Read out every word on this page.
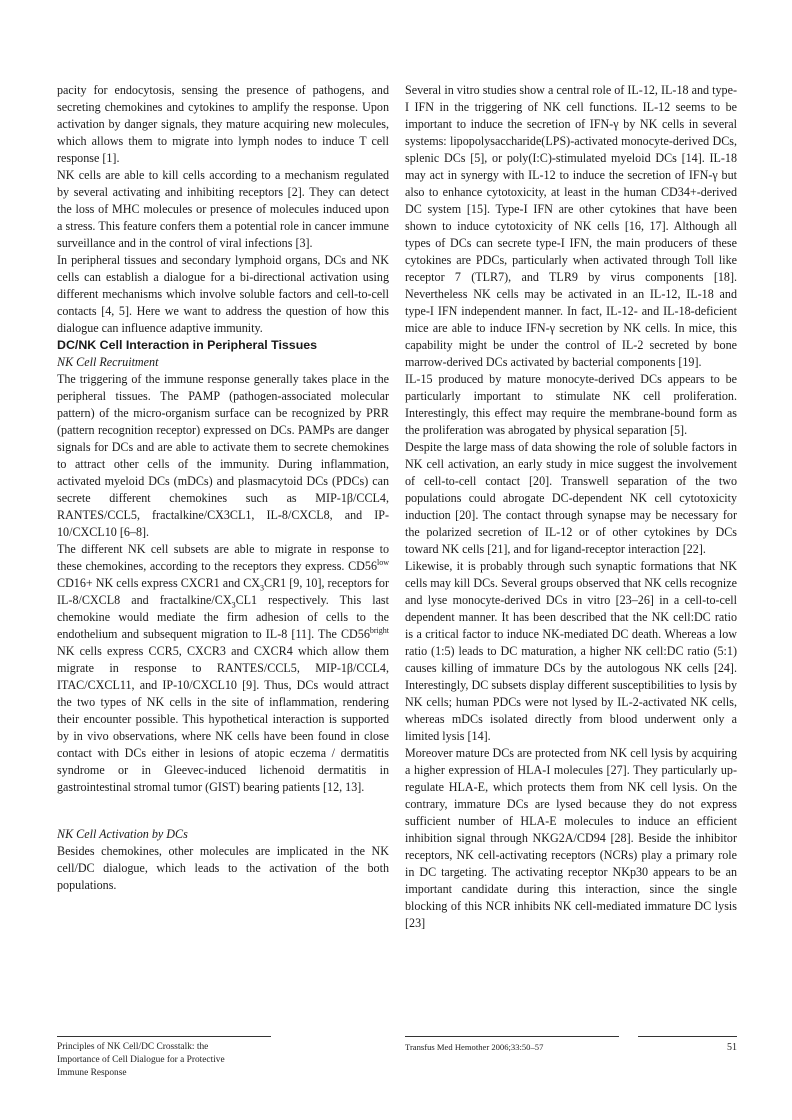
pacity for endocytosis, sensing the presence of pathogens, and secreting chemokines and cytokines to amplify the response. Upon activation by danger signals, they mature acquiring new molecules, which allows them to migrate into lymph nodes to induce T cell response [1].

NK cells are able to kill cells according to a mechanism regulated by several activating and inhibiting receptors [2]. They can detect the loss of MHC molecules or presence of molecules induced upon a stress. This feature confers them a potential role in cancer immune surveillance and in the control of viral infections [3].

In peripheral tissues and secondary lymphoid organs, DCs and NK cells can establish a dialogue for a bi-directional activation using different mechanisms which involve soluble factors and cell-to-cell contacts [4, 5]. Here we want to address the question of how this dialogue can influence adaptive immunity.

DC/NK Cell Interaction in Peripheral Tissues

NK Cell Recruitment

The triggering of the immune response generally takes place in the peripheral tissues. The PAMP (pathogen-associated molecular pattern) of the micro-organism surface can be recognized by PRR (pattern recognition receptor) expressed on DCs. PAMPs are danger signals for DCs and are able to activate them to secrete chemokines to attract other cells of the immunity. During inflammation, activated myeloid DCs (mDCs) and plasmacytoid DCs (PDCs) can secrete different chemokines such as MIP-1β/CCL4, RANTES/CCL5, fractalkine/CX3CL1, IL-8/CXCL8, and IP-10/CXCL10 [6–8].

The different NK cell subsets are able to migrate in response to these chemokines, according to the receptors they express. $CD56^{low}$ CD16+ NK cells express CXCR1 and $CX_3CR1$ [9, 10], receptors for IL-8/CXCL8 and fractalkine/$CX_3CL1$ respectively. This last chemokine would mediate the firm adhesion of cells to the endothelium and subsequent migration to IL-8 [11]. The $CD56^{bright}$ NK cells express CCR5, CXCR3 and CXCR4 which allow them migrate in response to RANTES/CCL5, MIP-1β/CCL4, ITAC/CXCL11, and IP-10/CXCL10 [9]. Thus, DCs would attract the two types of NK cells in the site of inflammation, rendering their encounter possible. This hypothetical interaction is supported by in vivo observations, where NK cells have been found in close contact with DCs either in lesions of atopic eczema / dermatitis syndrome or in Gleevec-induced lichenoid dermatitis in gastrointestinal stromal tumor (GIST) bearing patients [12, 13].

NK Cell Activation by DCs

Besides chemokines, other molecules are implicated in the NK cell/DC dialogue, which leads to the activation of the both populations.

Several in vitro studies show a central role of IL-12, IL-18 and type-I IFN in the triggering of NK cell functions. IL-12 seems to be important to induce the secretion of IFN-γ by NK cells in several systems: lipopolysaccharide(LPS)-activated monocyte-derived DCs, splenic DCs [5], or poly(I:C)-stimulated myeloid DCs [14]. IL-18 may act in synergy with IL-12 to induce the secretion of IFN-γ but also to enhance cytotoxicity, at least in the human CD34+-derived DC system [15]. Type-I IFN are other cytokines that have been shown to induce cytotoxicity of NK cells [16, 17]. Although all types of DCs can secrete type-I IFN, the main producers of these cytokines are PDCs, particularly when activated through Toll like receptor 7 (TLR7), and TLR9 by virus components [18]. Nevertheless NK cells may be activated in an IL-12, IL-18 and type-I IFN independent manner. In fact, IL-12- and IL-18-deficient mice are able to induce IFN-γ secretion by NK cells. In mice, this capability might be under the control of IL-2 secreted by bone marrow-derived DCs activated by bacterial components [19].

IL-15 produced by mature monocyte-derived DCs appears to be particularly important to stimulate NK cell proliferation. Interestingly, this effect may require the membrane-bound form as the proliferation was abrogated by physical separation [5].

Despite the large mass of data showing the role of soluble factors in NK cell activation, an early study in mice suggest the involvement of cell-to-cell contact [20]. Transwell separation of the two populations could abrogate DC-dependent NK cell cytotoxicity induction [20]. The contact through synapse may be necessary for the polarized secretion of IL-12 or of other cytokines by DCs toward NK cells [21], and for ligand-receptor interaction [22].

Likewise, it is probably through such synaptic formations that NK cells may kill DCs. Several groups observed that NK cells recognize and lyse monocyte-derived DCs in vitro [23–26] in a cell-to-cell dependent manner. It has been described that the NK cell:DC ratio is a critical factor to induce NK-mediated DC death. Whereas a low ratio (1:5) leads to DC maturation, a higher NK cell:DC ratio (5:1) causes killing of immature DCs by the autologous NK cells [24]. Interestingly, DC subsets display different susceptibilities to lysis by NK cells; human PDCs were not lysed by IL-2-activated NK cells, whereas mDCs isolated directly from blood underwent only a limited lysis [14].

Moreover mature DCs are protected from NK cell lysis by acquiring a higher expression of HLA-I molecules [27]. They particularly up-regulate HLA-E, which protects them from NK cell lysis. On the contrary, immature DCs are lysed because they do not express sufficient number of HLA-E molecules to induce an efficient inhibition signal through NKG2A/CD94 [28]. Beside the inhibitor receptors, NK cell-activating receptors (NCRs) play a primary role in DC targeting. The activating receptor NKp30 appears to be an important candidate during this interaction, since the single blocking of this NCR inhibits NK cell-mediated immature DC lysis [23]

Principles of NK Cell/DC Crosstalk: the
Importance of Cell Dialogue for a Protective
Immune Response
Transfus Med Hemother 2006;33:50–57	51
